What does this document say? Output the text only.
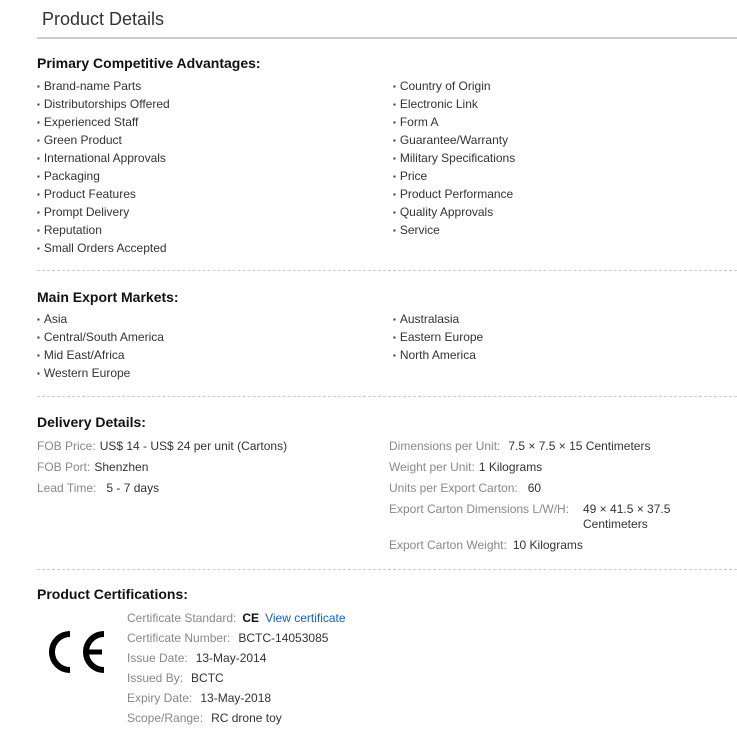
Product Details
Primary Competitive Advantages:
▪ Brand-name Parts
▪ Distributorships Offered
▪ Experienced Staff
▪ Green Product
▪ International Approvals
▪ Packaging
▪ Product Features
▪ Prompt Delivery
▪ Reputation
▪ Small Orders Accepted
▪ Country of Origin
▪ Electronic Link
▪ Form A
▪ Guarantee/Warranty
▪ Military Specifications
▪ Price
▪ Product Performance
▪ Quality Approvals
▪ Service
Main Export Markets:
▪ Asia
▪ Central/South America
▪ Mid East/Africa
▪ Western Europe
▪ Australasia
▪ Eastern Europe
▪ North America
Delivery Details:
FOB Price: US$ 14 - US$ 24 per unit (Cartons)
FOB Port: Shenzhen
Lead Time: 5 - 7 days
Dimensions per Unit: 7.5 × 7.5 × 15 Centimeters
Weight per Unit: 1 Kilograms
Units per Export Carton: 60
Export Carton Dimensions L/W/H: 49 × 41.5 × 37.5
Centimeters
Export Carton Weight: 10 Kilograms
Product Certifications:
Certificate Standard: CE View certificate
Certificate Number: BCTC-14053085
Issue Date: 13-May-2014
Issued By: BCTC
Expiry Date: 13-May-2018
Scope/Range: RC drone toy
